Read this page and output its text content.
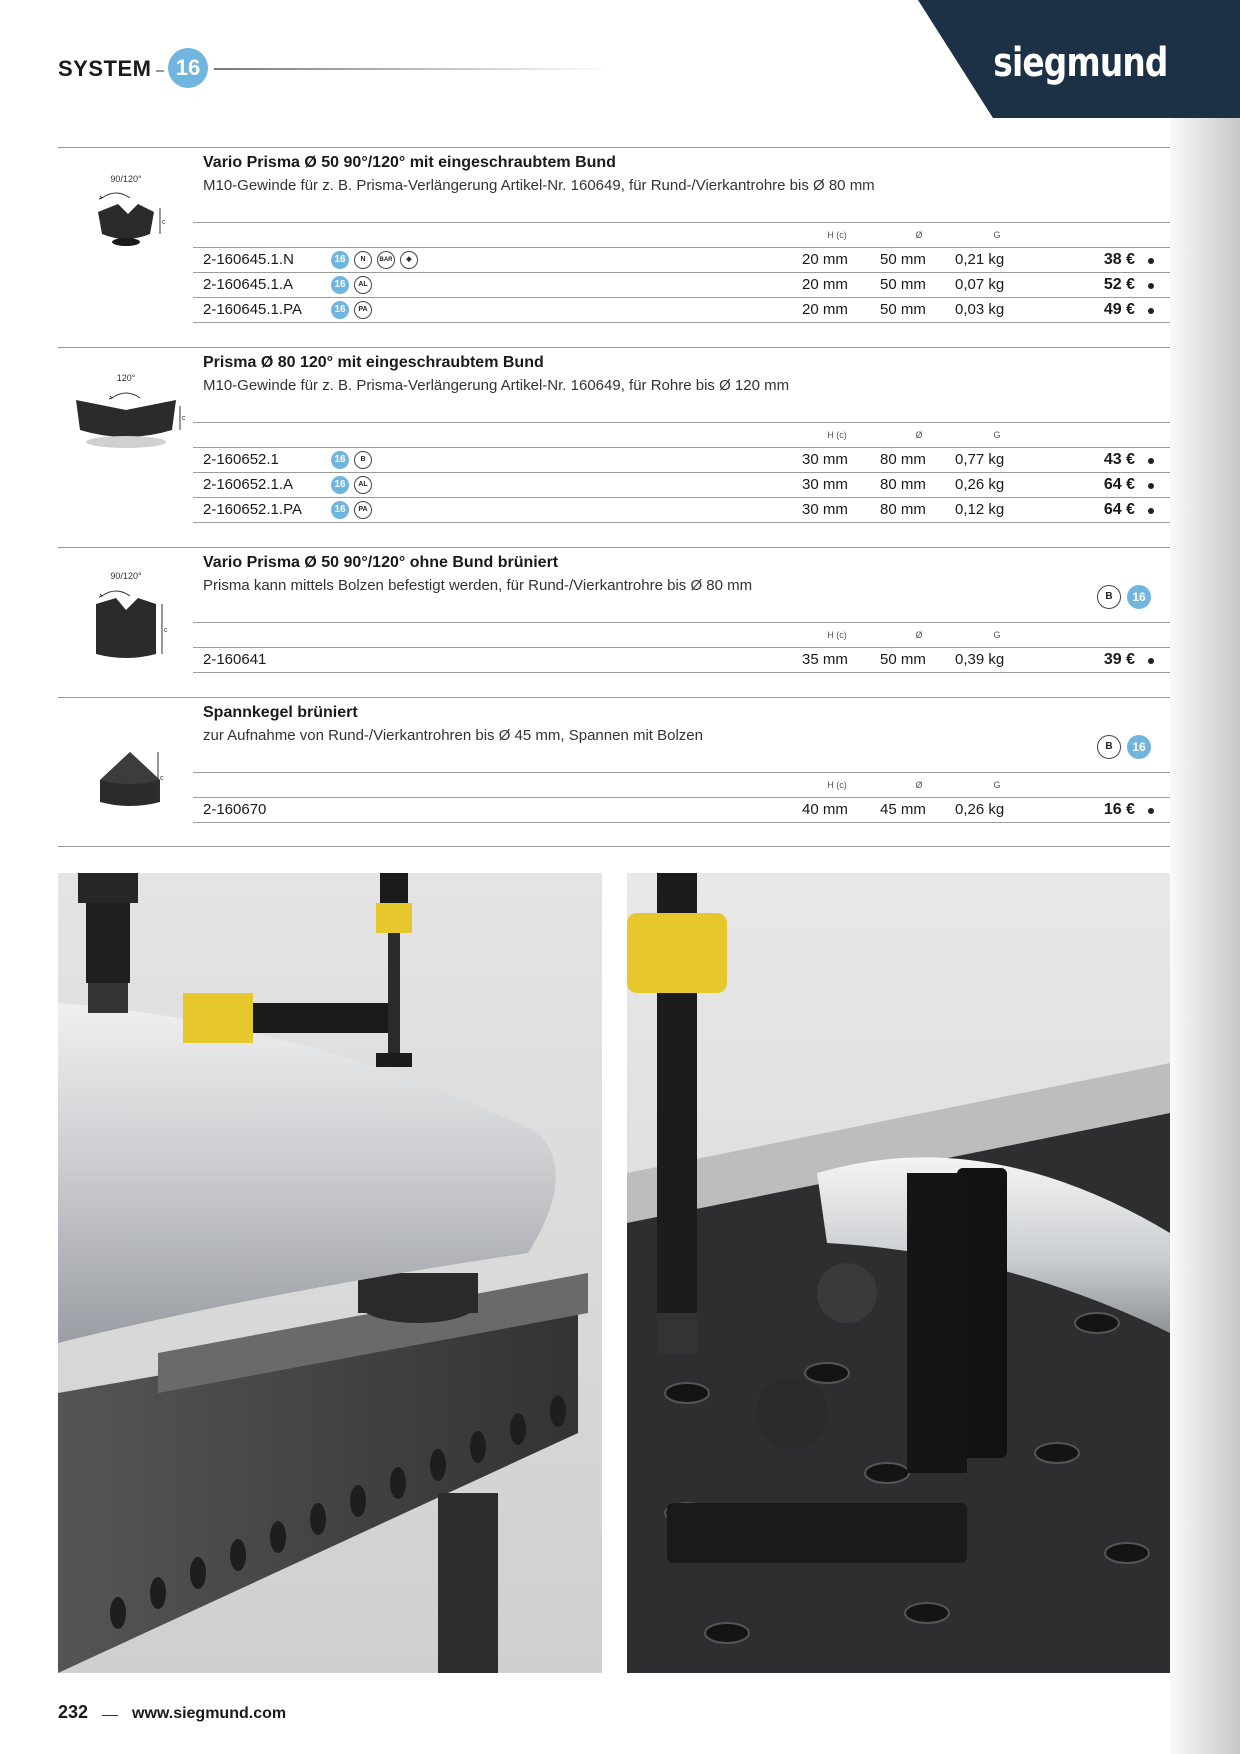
siegmund
SYSTEM	16
90/120°
c
Vario Prisma Ø 50 90°/120° mit eingeschraubtem Bund
M10-Gewinde für z. B. Prisma-Verlängerung Artikel-Nr. 160649, für Rund-/Vierkantrohre bis Ø 80 mm
H (c)	Ø	G
2-160645.1.N	16	N	BAR	◈	20 mm 50 mm 0,21 kg	38 €
2-160645.1.A	16	AL	20 mm 50 mm 0,07 kg	52 €
2-160645.1.PA	16	PA	20 mm 50 mm 0,03 kg	49 €
120°
c
Prisma Ø 80 120° mit eingeschraubtem Bund
M10-Gewinde für z. B. Prisma-Verlängerung Artikel-Nr. 160649, für Rohre bis Ø 120 mm
H (c)	Ø	G
2-160652.1	16	B	30 mm 80 mm 0,77 kg	43 €
2-160652.1.A	16	AL	30 mm 80 mm 0,26 kg	64 €
2-160652.1.PA	16	PA	30 mm 80 mm 0,12 kg	64 €
90/120°
c
Vario Prisma Ø 50 90°/120° ohne Bund brüniert
Prisma kann mittels Bolzen befestigt werden, für Rund-/Vierkantrohre bis Ø 80 mm
B	16
H (c)	Ø	G
2-160641	35 mm 50 mm 0,39 kg	39 €
c
Spannkegel brüniert
zur Aufnahme von Rund-/Vierkantrohren bis Ø 45 mm, Spannen mit Bolzen
B	16
H (c)	Ø	G
2-160670	40 mm 45 mm 0,26 kg	16 €
232	www.siegmund.com
